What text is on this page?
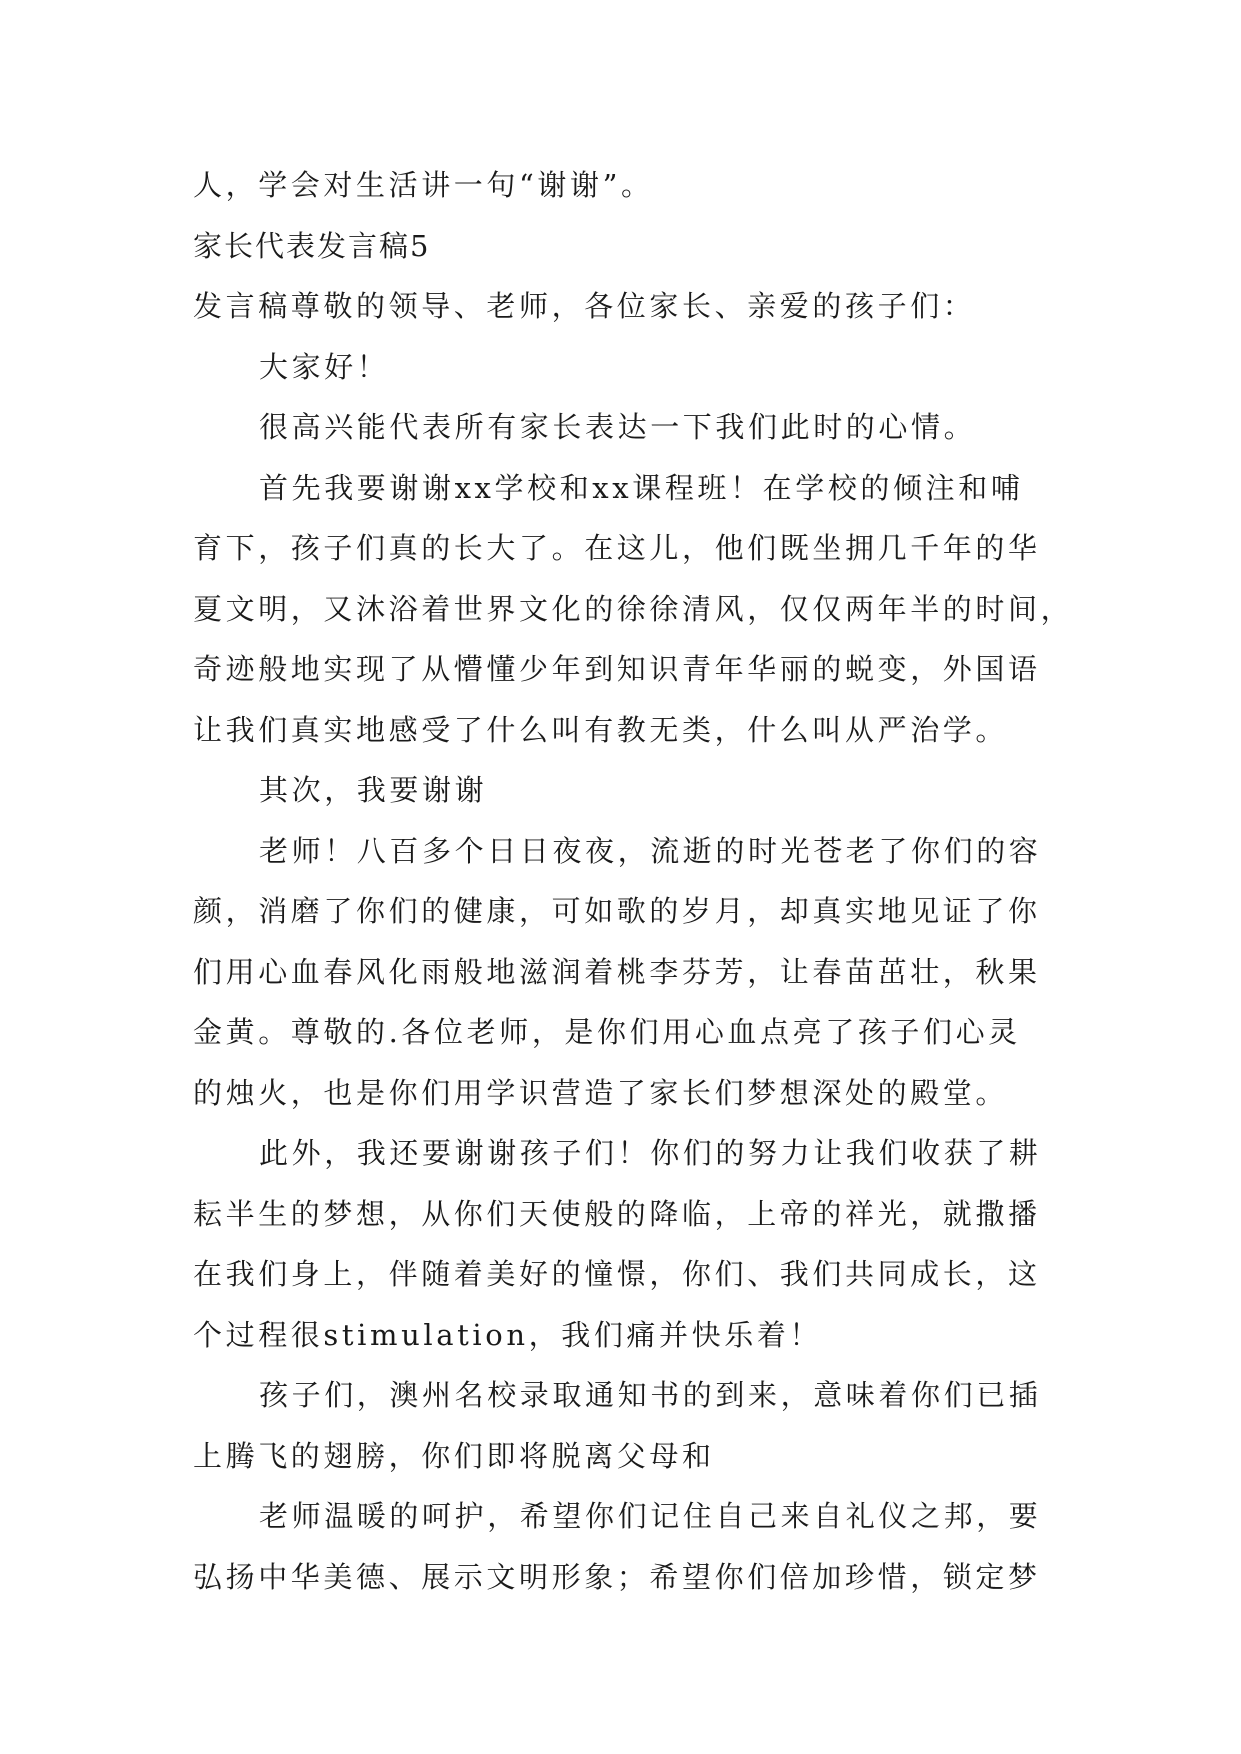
人，学会对生活讲一句“谢谢”。
家长代表发言稿5
发言稿尊敬的领导、老师，各位家长、亲爱的孩子们：
大家好！
很高兴能代表所有家长表达一下我们此时的心情。
首先我要谢谢xx学校和xx课程班！在学校的倾注和哺
育下，孩子们真的长大了。在这儿，他们既坐拥几千年的华
夏文明，又沐浴着世界文化的徐徐清风，仅仅两年半的时间，
奇迹般地实现了从懵懂少年到知识青年华丽的蜕变，外国语
让我们真实地感受了什么叫有教无类，什么叫从严治学。
其次，我要谢谢
老师！八百多个日日夜夜，流逝的时光苍老了你们的容
颜，消磨了你们的健康，可如歌的岁月，却真实地见证了你
们用心血春风化雨般地滋润着桃李芬芳，让春苗茁壮，秋果
金黄。尊敬的.各位老师，是你们用心血点亮了孩子们心灵
的烛火，也是你们用学识营造了家长们梦想深处的殿堂。
此外，我还要谢谢孩子们！你们的努力让我们收获了耕
耘半生的梦想，从你们天使般的降临，上帝的祥光，就撒播
在我们身上，伴随着美好的憧憬，你们、我们共同成长，这
个过程很stimulation，我们痛并快乐着！
孩子们，澳州名校录取通知书的到来，意味着你们已插
上腾飞的翅膀，你们即将脱离父母和
老师温暖的呵护，希望你们记住自己来自礼仪之邦，要
弘扬中华美德、展示文明形象；希望你们倍加珍惜，锁定梦
